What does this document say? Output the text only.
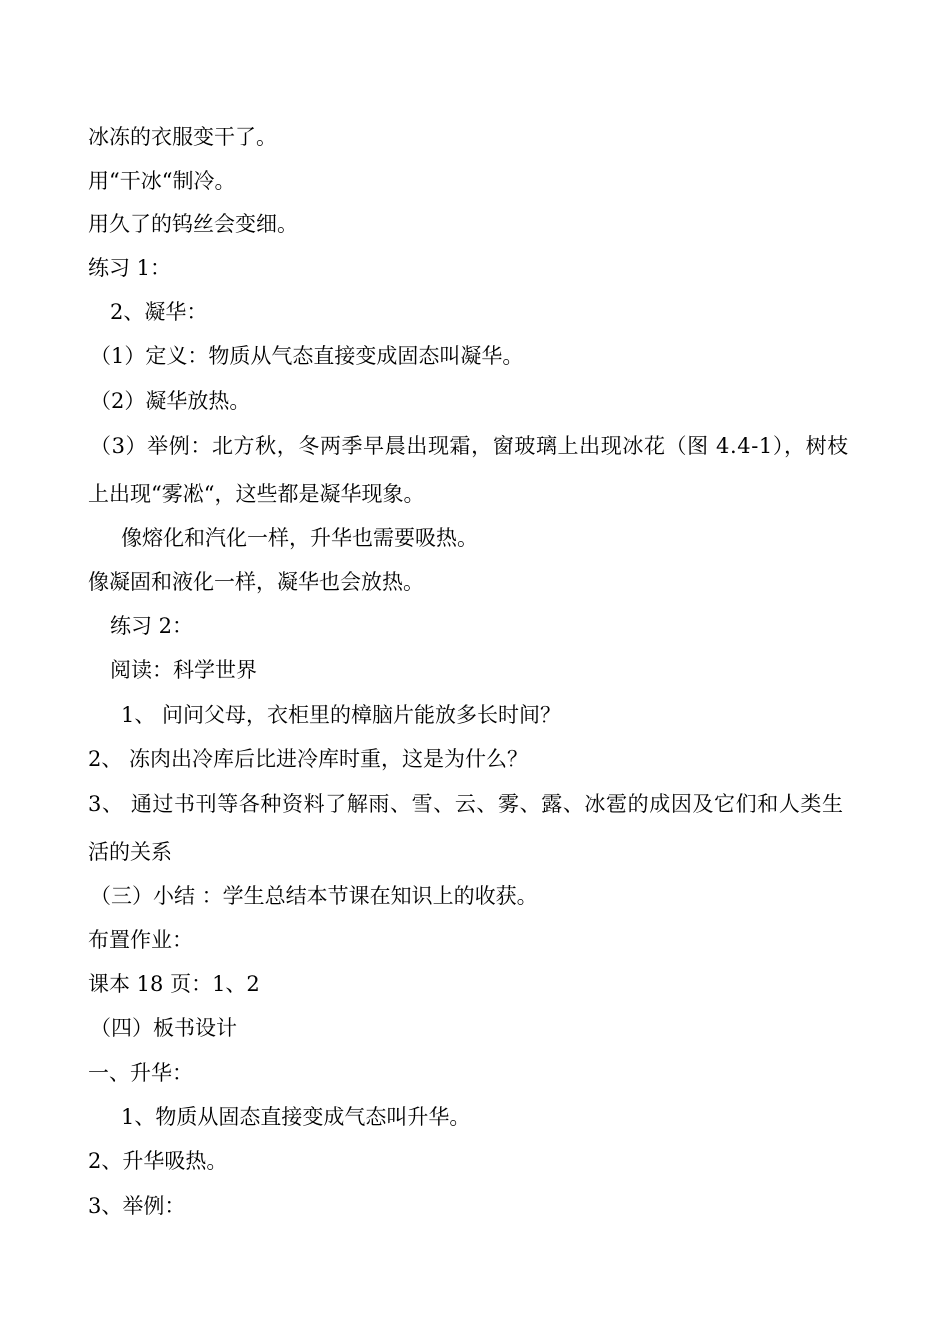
冰冻的衣服变干了。
用“干冰“制冷。
用久了的钨丝会变细。
练习 1：
2、凝华：
（1）定义：物质从气态直接变成固态叫凝华。
（2）凝华放热。
（3）举例：北方秋，冬两季早晨出现霜，窗玻璃上出现冰花（图 4.4-1），树枝
上出现“雾凇“，这些都是凝华现象。
像熔化和汽化一样，升华也需要吸热。
像凝固和液化一样，凝华也会放热。
练习 2：
阅读：科学世界
1、 问问父母，衣柜里的樟脑片能放多长时间？
2、 冻肉出冷库后比进冷库时重，这是为什么？
3、 通过书刊等各种资料了解雨、雪、云、雾、露、冰雹的成因及它们和人类生
活的关系
（三）小结 ：学生总结本节课在知识上的收获。
布置作业：
课本 18 页：1、2
（四）板书设计
一、升华：
1、物质从固态直接变成气态叫升华。
2、升华吸热。
3、举例：
